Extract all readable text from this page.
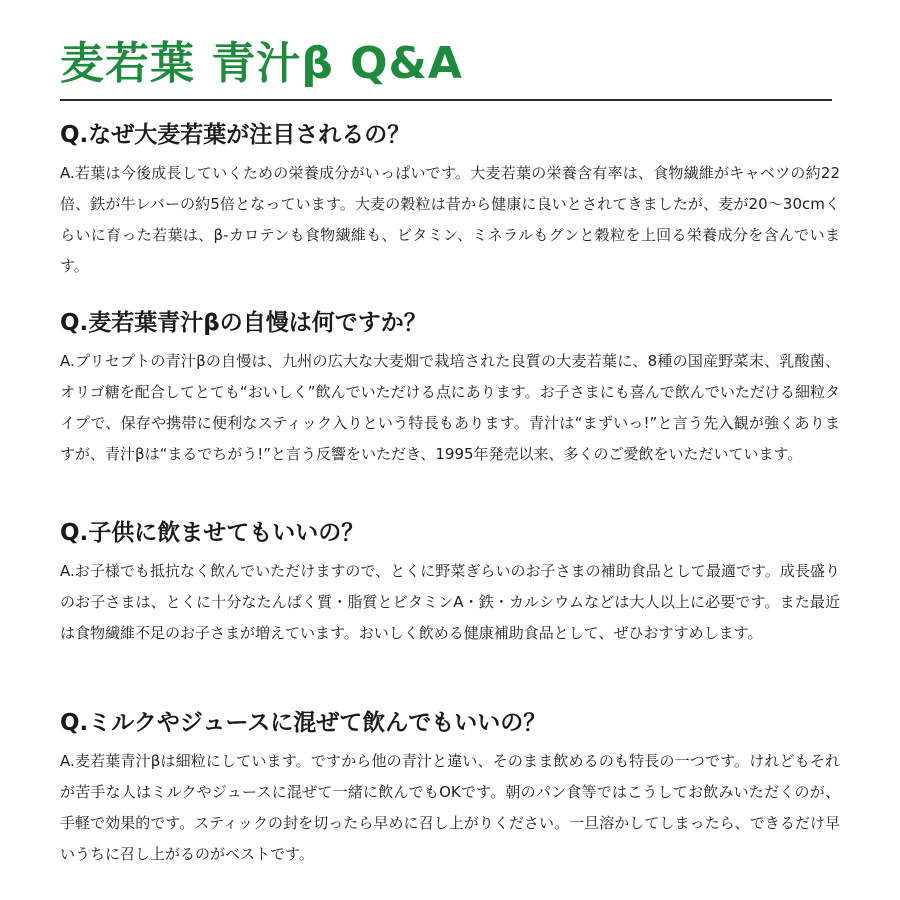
麦若葉 青汁β Q&A
Q.なぜ大麦若葉が注目されるの？

A.若葉は今後成長していくための栄養成分がいっぱいです。大麦若葉の栄養含有率は、食物繊維がキャベツの約22倍、鉄が牛レバーの約5倍となっています。大麦の穀粒は昔から健康に良いとされてきましたが、麦が20〜30cmくらいに育った若葉は、β-カロテンも食物繊維も、ビタミン、ミネラルもグンと穀粒を上回る栄養成分を含んでいます。

Q.麦若葉青汁βの自慢は何ですか？

A.プリセプトの青汁βの自慢は、九州の広大な大麦畑で栽培された良質の大麦若葉に、8種の国産野菜末、乳酸菌、オリゴ糖を配合してとても“おいしく”飲んでいただける点にあります。お子さまにも喜んで飲んでいただける細粒タイプで、保存や携帯に便利なスティック入りという特長もあります。青汁は“まずいっ!”と言う先入観が強くありますが、青汁βは“まるでちがう!”と言う反響をいただき、1995年発売以来、多くのご愛飲をいただいています。

Q.子供に飲ませてもいいの？

A.お子様でも抵抗なく飲んでいただけますので、とくに野菜ぎらいのお子さまの補助食品として最適です。成長盛りのお子さまは、とくに十分なたんぱく質・脂質とビタミンA・鉄・カルシウムなどは大人以上に必要です。また最近は食物繊維不足のお子さまが増えています。おいしく飲める健康補助食品として、ぜひおすすめします。

Q.ミルクやジュースに混ぜて飲んでもいいの？

A.麦若葉青汁βは細粒にしています。ですから他の青汁と違い、そのまま飲めるのも特長の一つです。けれどもそれが苦手な人はミルクやジュースに混ぜて一緒に飲んでもOKです。朝のパン食等ではこうしてお飲みいただくのが、手軽で効果的です。スティックの封を切ったら早めに召し上がりください。一旦溶かしてしまったら、できるだけ早いうちに召し上がるのがベストです。
